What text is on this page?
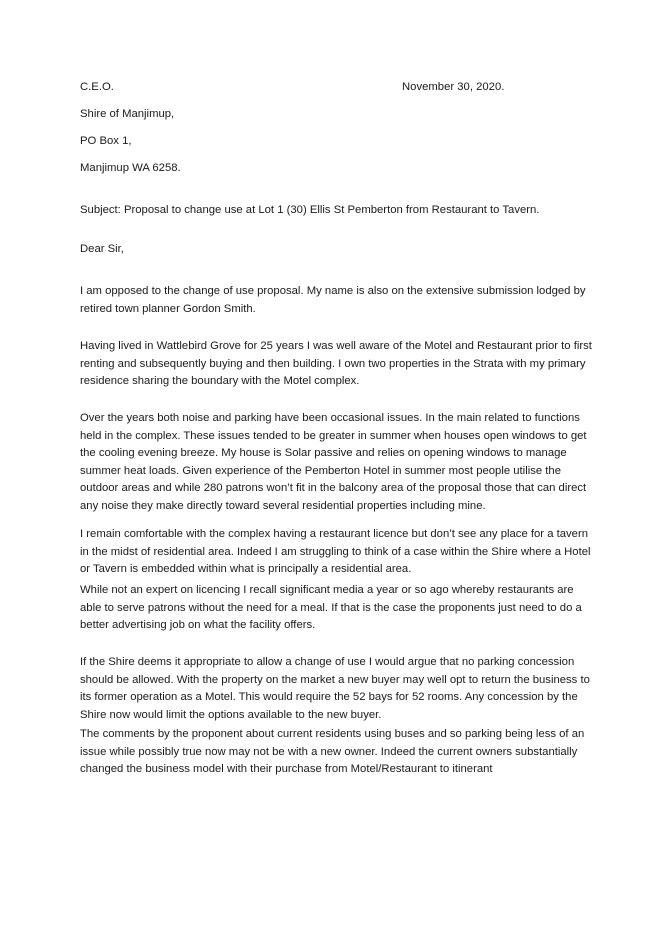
C.E.O.	November 30, 2020.
Shire of Manjimup,
PO Box 1,
Manjimup WA 6258.
Subject: Proposal to change use at Lot 1 (30) Ellis St Pemberton from Restaurant to Tavern.
Dear Sir,
I am opposed to the change of use proposal. My name is also on the extensive submission lodged by retired town planner Gordon Smith.
Having lived in Wattlebird Grove for 25 years I was well aware of the Motel and Restaurant prior to first renting and subsequently buying and then building. I own two properties in the Strata with my primary residence sharing the boundary with the Motel complex.
Over the years both noise and parking have been occasional issues. In the main related to functions held in the complex. These issues tended to be greater in summer when houses open windows to get the cooling evening breeze. My house is Solar passive and relies on opening windows to manage summer heat loads. Given experience of the Pemberton Hotel in summer most people utilise the outdoor areas and while 280 patrons won’t fit in the balcony area of the proposal those that can direct any noise they make directly toward several residential properties including mine.
I remain comfortable with the complex having a restaurant licence but don’t see any place for a tavern in the midst of residential area. Indeed I am struggling to think of a case within the Shire where a Hotel or Tavern is embedded within what is principally a residential area.
While not an expert on licencing I recall significant media a year or so ago whereby restaurants are able to serve patrons without the need for a meal. If that is the case the proponents just need to do a better advertising job on what the facility offers.
If the Shire deems it appropriate to allow a change of use I would argue that no parking concession should be allowed. With the property on the market a new buyer may well opt to return the business to its former operation as a Motel. This would require the 52 bays for 52 rooms. Any concession by the Shire now would limit the options available to the new buyer.
The comments by the proponent about current residents using buses and so parking being less of an issue while possibly true now may not be with a new owner. Indeed the current owners substantially changed the business model with their purchase from Motel/Restaurant to itinerant
